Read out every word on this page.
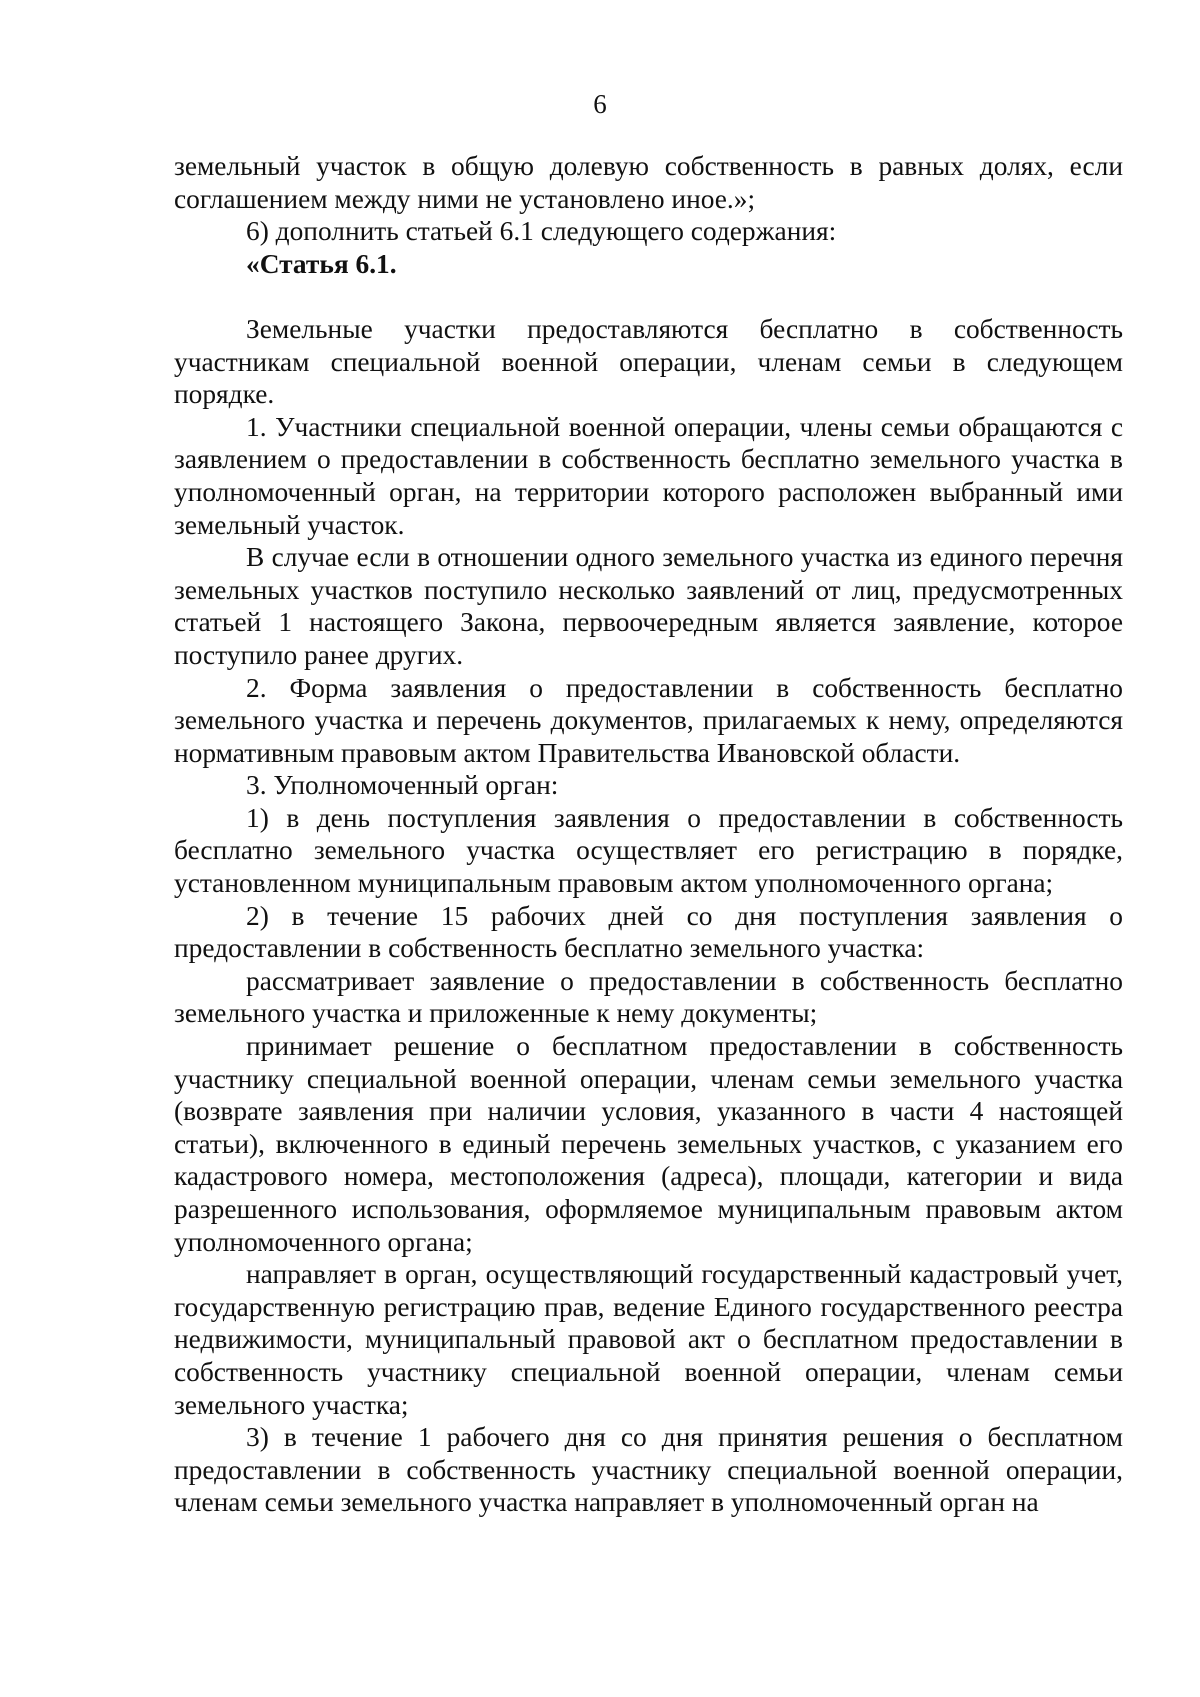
6

земельный участок в общую долевую собственность в равных долях, если соглашением между ними не установлено иное.»;

6) дополнить статьей 6.1 следующего содержания:

«Статья 6.1.

Земельные участки предоставляются бесплатно в собственность участникам специальной военной операции, членам семьи в следующем порядке.

1. Участники специальной военной операции, члены семьи обращаются с заявлением о предоставлении в собственность бесплатно земельного участка в уполномоченный орган, на территории которого расположен выбранный ими земельный участок.

В случае если в отношении одного земельного участка из единого перечня земельных участков поступило несколько заявлений от лиц, предусмотренных статьей 1 настоящего Закона, первоочередным является заявление, которое поступило ранее других.

2. Форма заявления о предоставлении в собственность бесплатно земельного участка и перечень документов, прилагаемых к нему, определяются нормативным правовым актом Правительства Ивановской области.

3. Уполномоченный орган:

1) в день поступления заявления о предоставлении в собственность бесплатно земельного участка осуществляет его регистрацию в порядке, установленном муниципальным правовым актом уполномоченного органа;

2) в течение 15 рабочих дней со дня поступления заявления о предоставлении в собственность бесплатно земельного участка:

рассматривает заявление о предоставлении в собственность бесплатно земельного участка и приложенные к нему документы;

принимает решение о бесплатном предоставлении в собственность участнику специальной военной операции, членам семьи земельного участка (возврате заявления при наличии условия, указанного в части 4 настоящей статьи), включенного в единый перечень земельных участков, с указанием его кадастрового номера, местоположения (адреса), площади, категории и вида разрешенного использования, оформляемое муниципальным правовым актом уполномоченного органа;

направляет в орган, осуществляющий государственный кадастровый учет, государственную регистрацию прав, ведение Единого государственного реестра недвижимости, муниципальный правовой акт о бесплатном предоставлении в собственность участнику специальной военной операции, членам семьи земельного участка;

3) в течение 1 рабочего дня со дня принятия решения о бесплатном предоставлении в собственность участнику специальной военной операции, членам семьи земельного участка направляет в уполномоченный орган на
